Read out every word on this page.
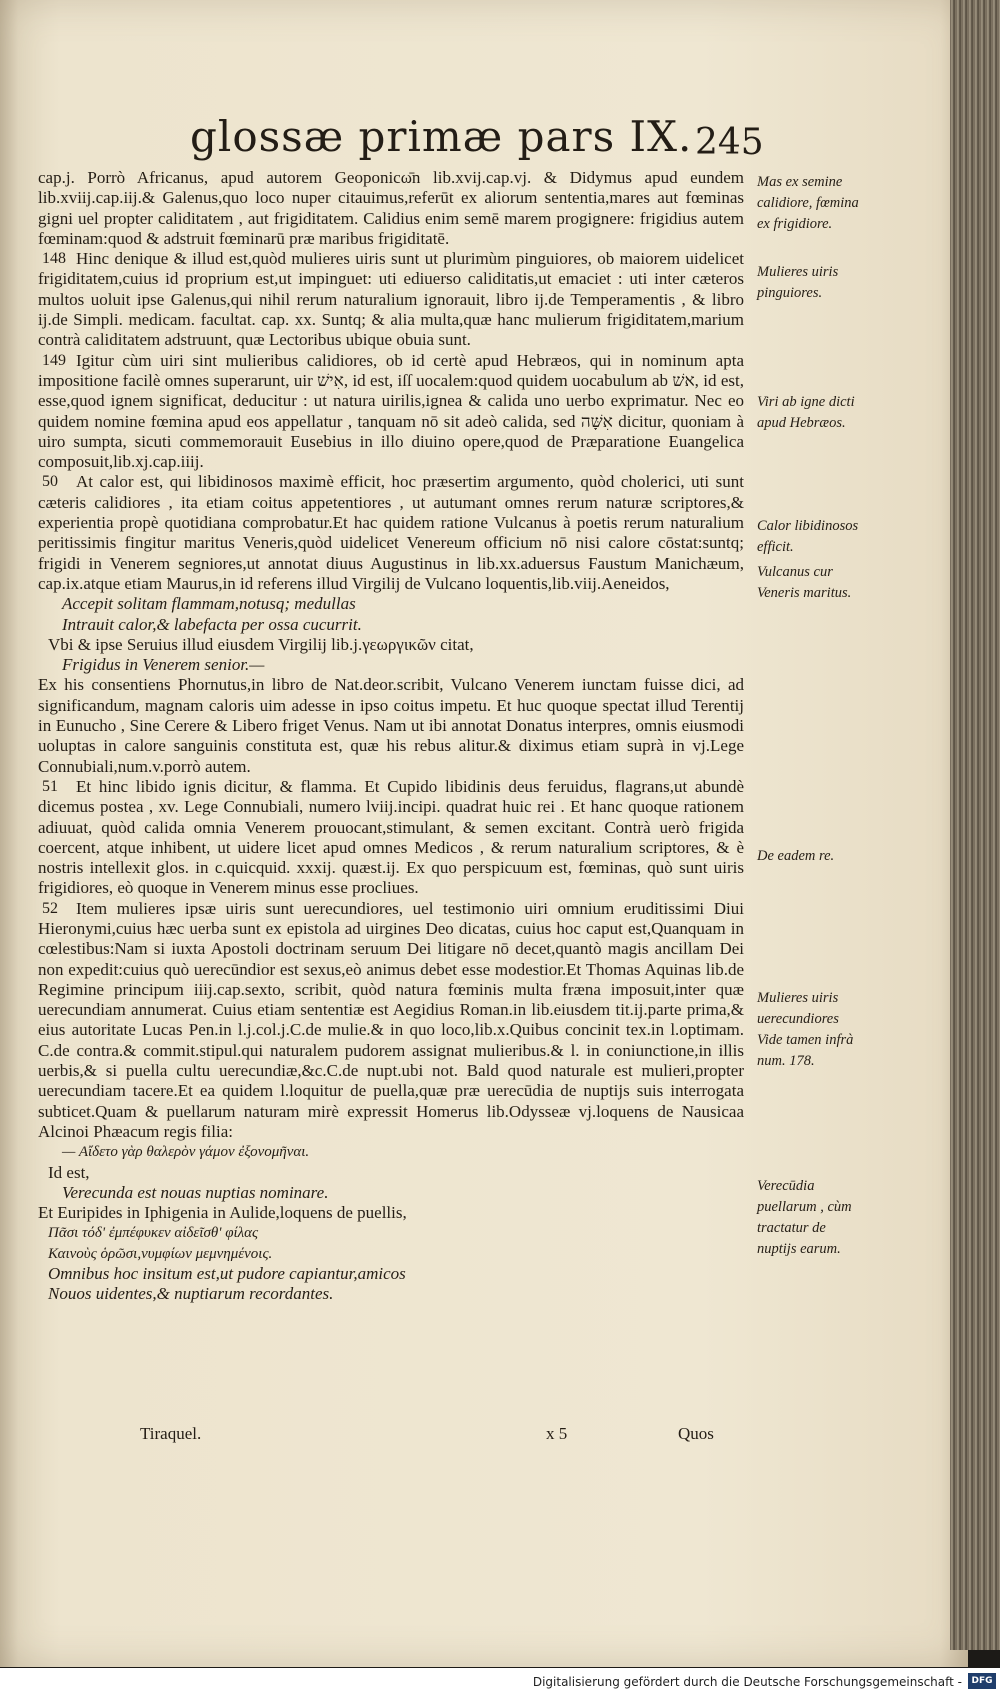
glossæ primæ pars IX. 245

cap.j. Porrò Africanus, apud autorem Geoponicω̄n lib.xvij.cap.vj. & Didymus apud eundem lib.xviij.cap.iij.& Galenus,quo loco nuper citauimus,referūt ex aliorum sententia,mares aut fœminas gigni uel propter caliditatem , aut frigiditatem. Calidius enim semē marem progignere: frigidius autem fœminam:quod & adstruit fœminarū præ maribus frigiditatē.

148 Hinc denique & illud est,quòd mulieres uiris sunt ut plurimùm pinguiores, ob maiorem uidelicet frigiditatem,cuius id proprium est,ut impinguet: uti ediuerso caliditatis,ut emaciet : uti inter cæteros multos uoluit ipse Galenus,qui nihil rerum naturalium ignorauit, libro ij.de Temperamentis , & libro ij.de Simpli. medicam. facultat. cap. xx. Suntq; & alia multa,quæ hanc mulierum frigiditatem,marium contrà caliditatem adstruunt, quæ Lectoribus ubique obuia sunt.

149 Igitur cùm uiri sint mulieribus calidiores, ob id certè apud Hebræos, qui in nominum apta impositione facilè omnes superarunt, uir אִישׁ, id est, iſſ uocalem:quod quidem uocabulum ab אשׁ, id est, esse,quod ignem significat, deducitur : ut natura uirilis,ignea & calida uno uerbo exprimatur. Nec eo quidem nomine fœmina apud eos appellatur , tanquam nō sit adeò calida, sed אִשָּׁה dicitur, quoniam à uiro sumpta, sicuti commemorauit Eusebius in illo diuino opere,quod de Præparatione Euangelica composuit,lib.xj.cap.iiij.

50 At calor est, qui libidinosos maximè efficit, hoc præsertim argumento, quòd cholerici, uti sunt cæteris calidiores , ita etiam coitus appetentiores , ut autumant omnes rerum naturæ scriptores,& experientia propè quotidiana comprobatur.Et hac quidem ratione Vulcanus à poetis rerum naturalium peritissimis fingitur maritus Veneris,quòd uidelicet Venereum officium nō nisi calore cōstat:suntq; frigidi in Venerem segniores,ut annotat diuus Augustinus in lib.xx.aduersus Faustum Manichæum, cap.ix.atque etiam Maurus,in id referens illud Virgilij de Vulcano loquentis,lib.viij.Aeneidos,

Accepit solitam flammam,notusq; medullas

Intrauit calor,& labefacta per ossa cucurrit.

Vbi & ipse Seruius illud eiusdem Virgilij lib.j.γεωργικῶν citat,

Frigidus in Venerem senior.—

Ex his consentiens Phornutus,in libro de Nat.deor.scribit, Vulcano Venerem iunctam fuisse dici, ad significandum, magnam caloris uim adesse in ipso coitus impetu. Et huc quoque spectat illud Terentij in Eunucho , Sine Cerere & Libero friget Venus. Nam ut ibi annotat Donatus interpres, omnis eiusmodi uoluptas in calore sanguinis constituta est, quæ his rebus alitur.& diximus etiam suprà in vj.Lege Connubiali,num.v.porrò autem.

51 Et hinc libido ignis dicitur, & flamma. Et Cupido libidinis deus feruidus, flagrans,ut abundè dicemus postea , xv. Lege Connubiali, numero lviij.incipi. quadrat huic rei . Et hanc quoque rationem adiuuat, quòd calida omnia Venerem prouocant,stimulant, & semen excitant. Contrà uerò frigida coercent, atque inhibent, ut uidere licet apud omnes Medicos , & rerum naturalium scriptores, & è nostris intellexit glos. in c.quicquid. xxxij. quæst.ij. Ex quo perspicuum est, fœminas, quò sunt uiris frigidiores, eò quoque in Venerem minus esse procliues.

52 Item mulieres ipsæ uiris sunt uerecundiores, uel testimonio uiri omnium eruditissimi Diui Hieronymi,cuius hæc uerba sunt ex epistola ad uirgines Deo dicatas, cuius hoc caput est,Quanquam in cœlestibus:Nam si iuxta Apostoli doctrinam seruum Dei litigare nō decet,quantò magis ancillam Dei non expedit:cuius quò uerecūndior est sexus,eò animus debet esse modestior.Et Thomas Aquinas lib.de Regimine principum iiij.cap.sexto, scribit, quòd natura fœminis multa fræna imposuit,inter quæ uerecundiam annumerat. Cuius etiam sententiæ est Aegidius Roman.in lib.eiusdem tit.ij.parte prima,& eius autoritate Lucas Pen.in l.j.col.j.C.de mulie.& in quo loco,lib.x.Quibus concinit tex.in l.optimam. C.de contra.& commit.stipul.qui naturalem pudorem assignat mulieribus.& l. in coniunctione,in illis uerbis,& si puella cultu uerecundiæ,&c.C.de nupt.ubi not. Bald quod naturale est mulieri,propter uerecundiam tacere.Et ea quidem l.loquitur de puella,quæ præ uerecūdia de nuptijs suis interrogata subticet.Quam & puellarum naturam mirè expressit Homerus lib.Odysseæ vj.loquens de Nausicaa Alcinoi Phæacum regis filia:

— Αἴδετο γὰρ θαλερὸν γάμον ἐξονομῆναι.

Id est,

Verecunda est nouas nuptias nominare.

Et Euripides in Iphigenia in Aulide,loquens de puellis,

Πᾶσι τόδ' ἐμπέφυκεν αἰδεῖσθ' φίλας

Καινοὺς ὁρῶσι,νυμφίων μεμνημένοις.

Omnibus hoc insitum est,ut pudore capiantur,amicos

Nouos uidentes,& nuptiarum recordantes.

Mas ex semine calidiore, fœmina ex frigidiore.
Mulieres uiris pinguiores.
Viri ab igne dicti apud Hebræos.
Calor libidinosos efficit.
Vulcanus cur Veneris maritus.
De eadem re.
Mulieres uiris uerecundiores Vide tamen infrà num. 178.
Verecūdia puellarum , cùm tractatur de nuptijs earum.
Tiraquel.	x 5	Quos
Digitalisierung gefördert durch die Deutsche Forschungsgemeinschaft -	DFG
